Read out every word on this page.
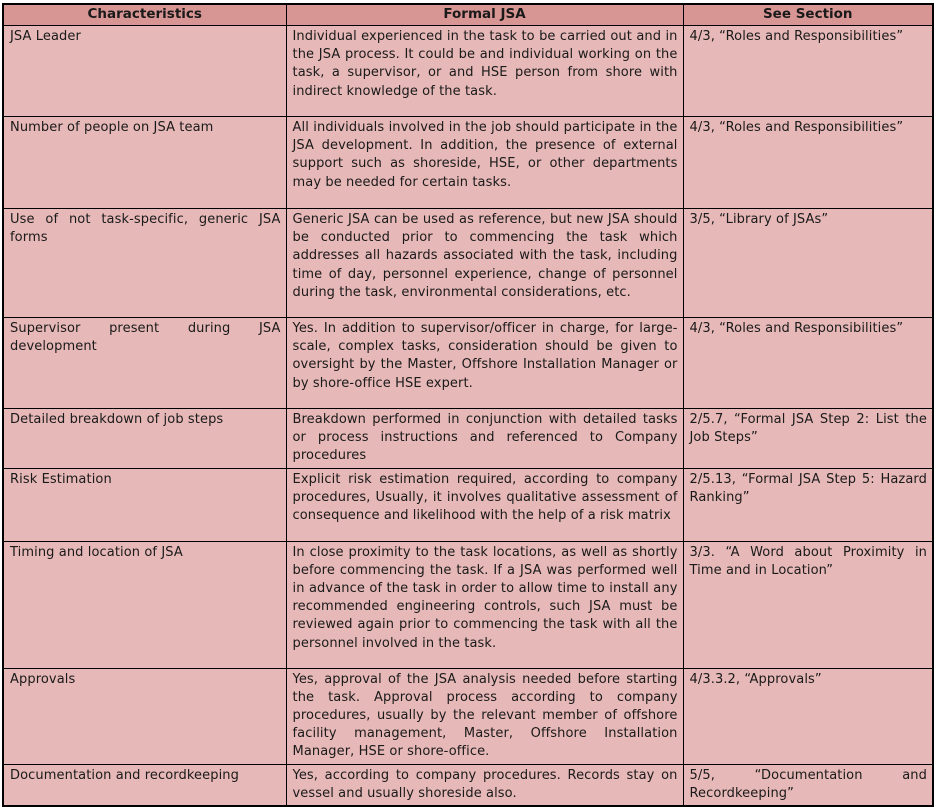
Characteristics	Formal JSA	See Section
JSA Leader	Individual experienced in the task to be carried out and in the JSA process. It could be and individual working on the task, a supervisor, or and HSE person from shore with indirect knowledge of the task.	4/3, “Roles and Responsibilities”
Number of people on JSA team	All individuals involved in the job should participate in the JSA development. In addition, the presence of external support such as shoreside, HSE, or other departments may be needed for certain tasks.	4/3, “Roles and Responsibilities”
Use of not task-specific, generic JSA forms	Generic JSA can be used as reference, but new JSA should be conducted prior to commencing the task which addresses all hazards associated with the task, including time of day, personnel experience, change of personnel during the task, environmental considerations, etc.	3/5, “Library of JSAs”
Supervisor present during JSA development	Yes. In addition to supervisor/officer in charge, for large-scale, complex tasks, consideration should be given to oversight by the Master, Offshore Installation Manager or by shore-office HSE expert.	4/3, “Roles and Responsibilities”
Detailed breakdown of job steps	Breakdown performed in conjunction with detailed tasks or process instructions and referenced to Company procedures	2/5.7, “Formal JSA Step 2: List the Job Steps”
Risk Estimation	Explicit risk estimation required, according to company procedures, Usually, it involves qualitative assessment of consequence and likelihood with the help of a risk matrix	2/5.13, “Formal JSA Step 5: Hazard Ranking”
Timing and location of JSA	In close proximity to the task locations, as well as shortly before commencing the task. If a JSA was performed well in advance of the task in order to allow time to install any recommended engineering controls, such JSA must be reviewed again prior to commencing the task with all the personnel involved in the task.	3/3. “A Word about Proximity in Time and in Location”
Approvals	Yes, approval of the JSA analysis needed before starting the task. Approval process according to company procedures, usually by the relevant member of offshore facility management, Master, Offshore Installation Manager, HSE or shore-office.	4/3.3.2, “Approvals”
Documentation and recordkeeping	Yes, according to company procedures. Records stay on vessel and usually shoreside also.	5/5, “Documentation and Recordkeeping”
